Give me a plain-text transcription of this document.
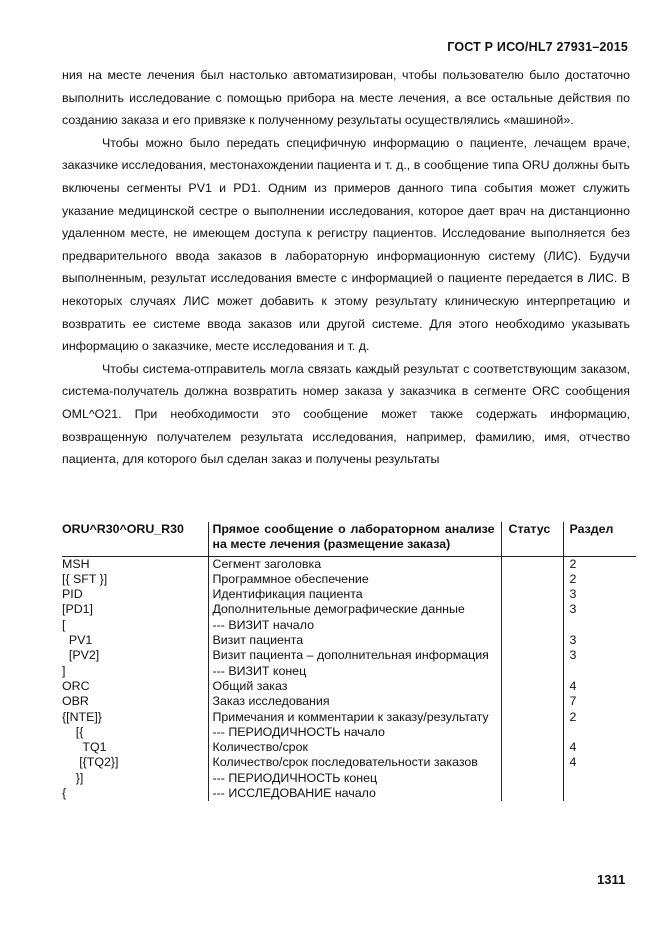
ГОСТ Р ИСО/HL7 27931–2015

ния на месте лечения был настолько автоматизирован, чтобы пользователю было достаточно выполнить исследование с помощью прибора на месте лечения, а все остальные действия по созданию заказа и его привязке к полученному результаты осуществлялись «машиной».

Чтобы можно было передать специфичную информацию о пациенте, лечащем враче, заказчике исследования, местонахождении пациента и т. д., в сообщение типа ORU должны быть включены сегменты PV1 и PD1. Одним из примеров данного типа события может служить указание медицинской сестре о выполнении исследования, которое дает врач на дистанционно удаленном месте, не имеющем доступа к регистру пациентов. Исследование выполняется без предварительного ввода заказов в лабораторную информационную систему (ЛИС). Будучи выполненным, результат исследования вместе с информацией о пациенте передается в ЛИС. В некоторых случаях ЛИС может добавить к этому результату клиническую интерпретацию и возвратить ее системе ввода заказов или другой системе. Для этого необходимо указывать информацию о заказчике, месте исследования и т. д.

Чтобы система-отправитель могла связать каждый результат с соответствующим заказом, система-получатель должна возвратить номер заказа у заказчика в сегменте ORC сообщения OML^O21. При необходимости это сообщение может также содержать информацию, возвращенную получателем результата исследования, например, фамилию, имя, отчество пациента, для которого был сделан заказ и получены результаты

ORU^R30^ORU_R30	Прямое сообщение о лабораторном анализе на месте лечения (размещение заказа)	Статус	Раздел
MSH	Сегмент заголовка		2
[{ SFT }]	Программное обеспечение		2
PID	Идентификация пациента		3
[PD1]	Дополнительные демографические данные		3
[	--- ВИЗИТ начало		
PV1	Визит пациента		3
[PV2]	Визит пациента – дополнительная информация		3
]	--- ВИЗИТ конец		
ORC	Общий заказ		4
OBR	Заказ исследования		7
{[NTE]}	Примечания и комментарии к заказу/результату		2
[{	--- ПЕРИОДИЧНОСТЬ начало		
TQ1	Количество/срок		4
[{TQ2}]	Количество/срок последовательности заказов		4
}]	--- ПЕРИОДИЧНОСТЬ конец		
{	--- ИССЛЕДОВАНИЕ начало		
1311
